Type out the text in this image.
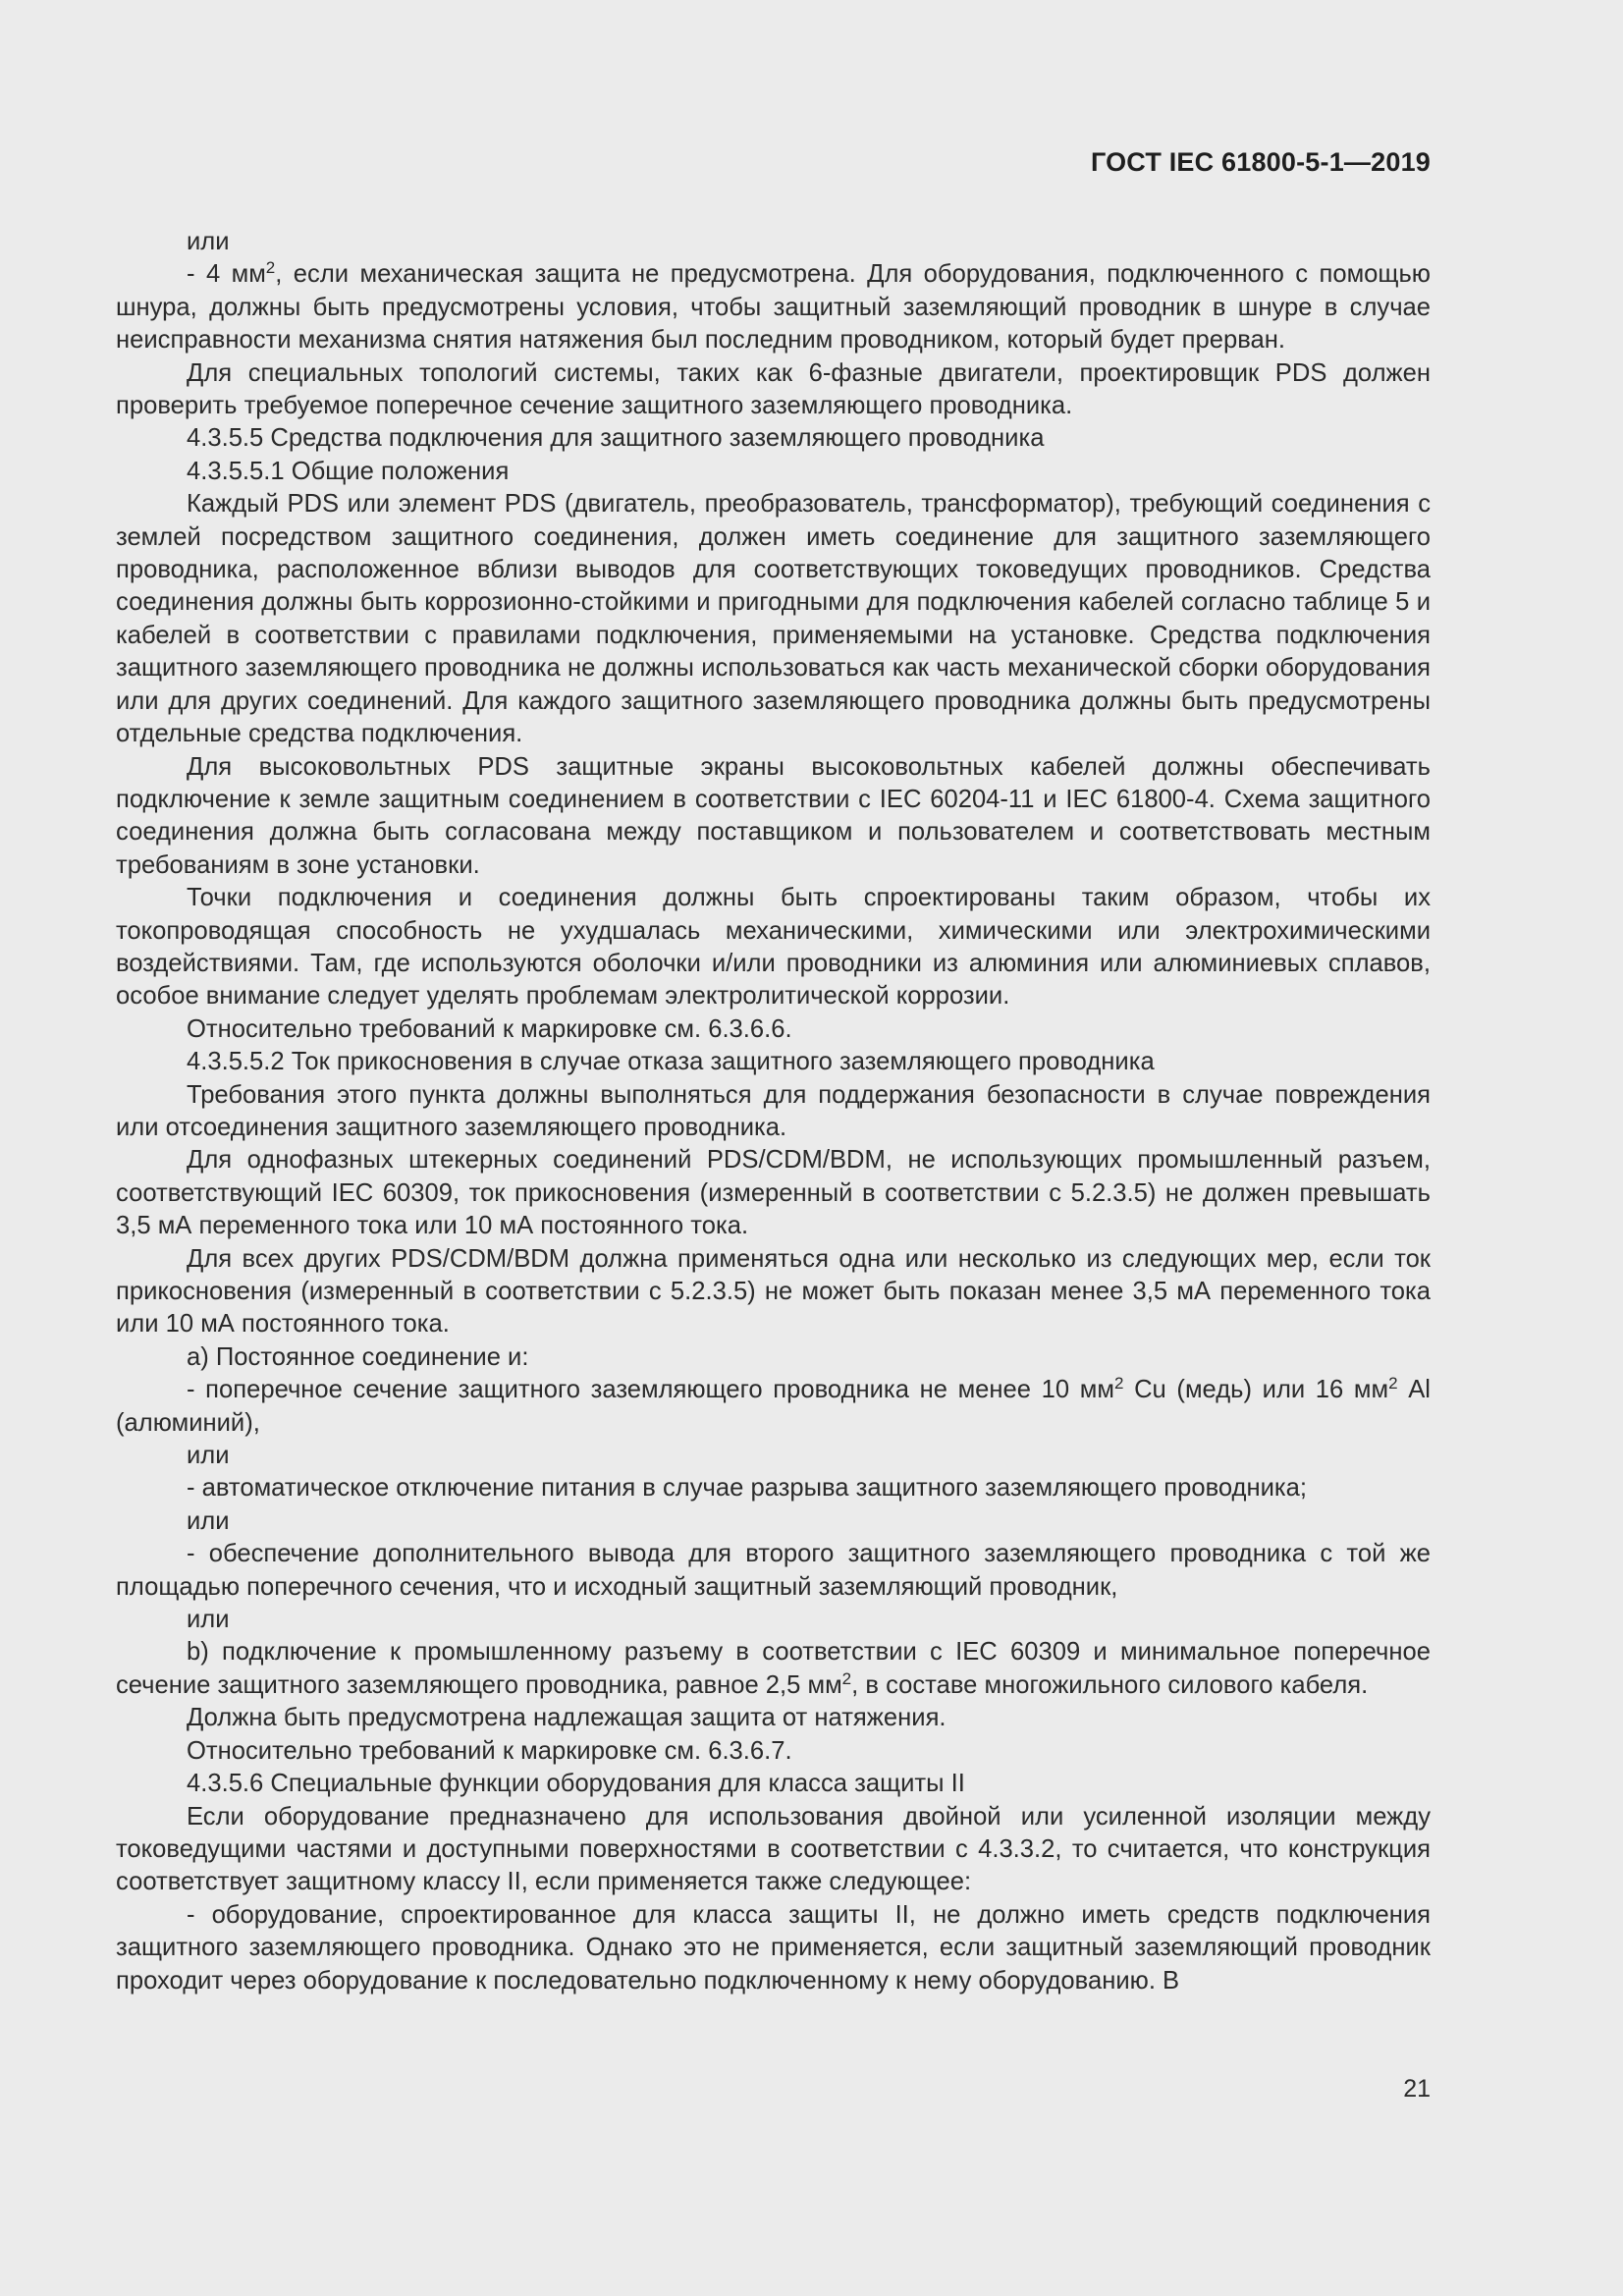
ГОСТ IEC 61800-5-1—2019

или

- 4 $мм^2$, если механическая защита не предусмотрена. Для оборудования, подключенного с помощью шнура, должны быть предусмотрены условия, чтобы защитный заземляющий проводник в шнуре в случае неисправности механизма снятия натяжения был последним проводником, который будет прерван.

Для специальных топологий системы, таких как 6-фазные двигатели, проектировщик PDS должен проверить требуемое поперечное сечение защитного заземляющего проводника.

4.3.5.5 Средства подключения для защитного заземляющего проводника

4.3.5.5.1 Общие положения

Каждый PDS или элемент PDS (двигатель, преобразователь, трансформатор), требующий соединения с землей посредством защитного соединения, должен иметь соединение для защитного заземляющего проводника, расположенное вблизи выводов для соответствующих токоведущих проводников. Средства соединения должны быть коррозионно-стойкими и пригодными для подключения кабелей согласно таблице 5 и кабелей в соответствии с правилами подключения, применяемыми на установке. Средства подключения защитного заземляющего проводника не должны использоваться как часть механической сборки оборудования или для других соединений. Для каждого защитного заземляющего проводника должны быть предусмотрены отдельные средства подключения.

Для высоковольтных PDS защитные экраны высоковольтных кабелей должны обеспечивать подключение к земле защитным соединением в соответствии с IEC 60204-11 и IEC 61800-4. Схема защитного соединения должна быть согласована между поставщиком и пользователем и соответствовать местным требованиям в зоне установки.

Точки подключения и соединения должны быть спроектированы таким образом, чтобы их токопроводящая способность не ухудшалась механическими, химическими или электрохимическими воздействиями. Там, где используются оболочки и/или проводники из алюминия или алюминиевых сплавов, особое внимание следует уделять проблемам электролитической коррозии.

Относительно требований к маркировке см. 6.3.6.6.

4.3.5.5.2 Ток прикосновения в случае отказа защитного заземляющего проводника

Требования этого пункта должны выполняться для поддержания безопасности в случае повреждения или отсоединения защитного заземляющего проводника.

Для однофазных штекерных соединений PDS/CDM/BDM, не использующих промышленный разъем, соответствующий IEC 60309, ток прикосновения (измеренный в соответствии с 5.2.3.5) не должен превышать 3,5 мА переменного тока или 10 мА постоянного тока.

Для всех других PDS/CDM/BDM должна применяться одна или несколько из следующих мер, если ток прикосновения (измеренный в соответствии с 5.2.3.5) не может быть показан менее 3,5 мА переменного тока или 10 мА постоянного тока.

a) Постоянное соединение и:

- поперечное сечение защитного заземляющего проводника не менее 10 $мм^2$ Cu (медь) или 16 $мм^2$ Al (алюминий),

или

- автоматическое отключение питания в случае разрыва защитного заземляющего проводника;

или

- обеспечение дополнительного вывода для второго защитного заземляющего проводника с той же площадью поперечного сечения, что и исходный защитный заземляющий проводник,

или

b) подключение к промышленному разъему в соответствии с IEC 60309 и минимальное поперечное сечение защитного заземляющего проводника, равное 2,5 $мм^2$, в составе многожильного силового кабеля.

Должна быть предусмотрена надлежащая защита от натяжения.

Относительно требований к маркировке см. 6.3.6.7.

4.3.5.6 Специальные функции оборудования для класса защиты II

Если оборудование предназначено для использования двойной или усиленной изоляции между токоведущими частями и доступными поверхностями в соответствии с 4.3.3.2, то считается, что конструкция соответствует защитному классу II, если применяется также следующее:

- оборудование, спроектированное для класса защиты II, не должно иметь средств подключения защитного заземляющего проводника. Однако это не применяется, если защитный заземляющий проводник проходит через оборудование к последовательно подключенному к нему оборудованию. В

21
